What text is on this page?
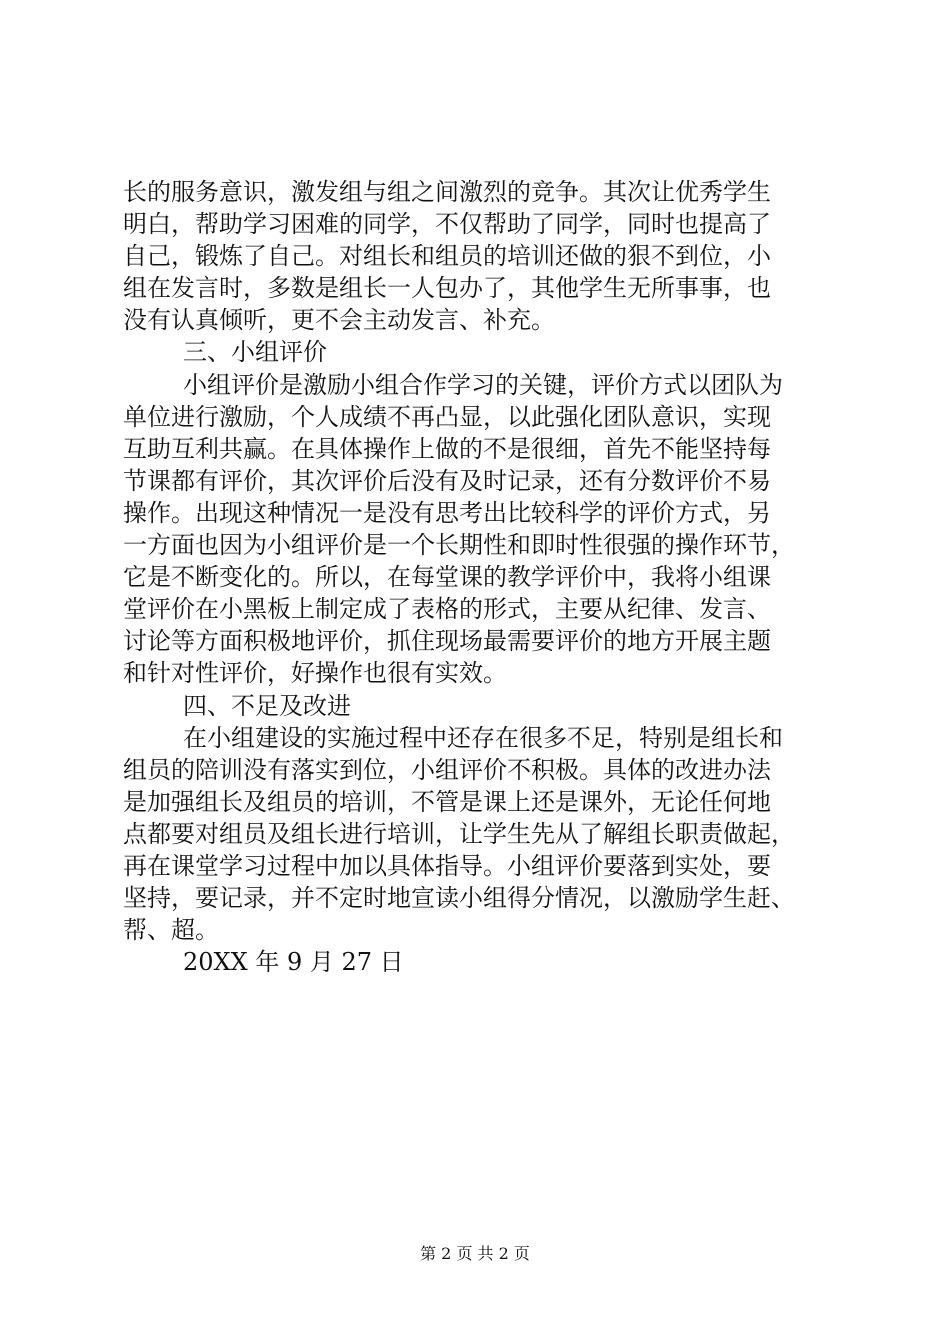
长的服务意识，激发组与组之间激烈的竞争。其次让优秀学生
明白，帮助学习困难的同学，不仅帮助了同学，同时也提高了
自己，锻炼了自己。对组长和组员的培训还做的狠不到位，小
组在发言时，多数是组长一人包办了，其他学生无所事事，也
没有认真倾听，更不会主动发言、补充。
三、小组评价
小组评价是激励小组合作学习的关键，评价方式以团队为
单位进行激励，个人成绩不再凸显，以此强化团队意识，实现
互助互利共赢。在具体操作上做的不是很细，首先不能坚持每
节课都有评价，其次评价后没有及时记录，还有分数评价不易
操作。出现这种情况一是没有思考出比较科学的评价方式，另
一方面也因为小组评价是一个长期性和即时性很强的操作环节，
它是不断变化的。所以，在每堂课的教学评价中，我将小组课
堂评价在小黑板上制定成了表格的形式，主要从纪律、发言、
讨论等方面积极地评价，抓住现场最需要评价的地方开展主题
和针对性评价，好操作也很有实效。
四、不足及改进
在小组建设的实施过程中还存在很多不足，特别是组长和
组员的陪训没有落实到位，小组评价不积极。具体的改进办法
是加强组长及组员的培训，不管是课上还是课外，无论任何地
点都要对组员及组长进行培训，让学生先从了解组长职责做起，
再在课堂学习过程中加以具体指导。小组评价要落到实处，要
坚持，要记录，并不定时地宣读小组得分情况，以激励学生赶、
帮、超。
20XX 年 9 月 27 日
第 2 页 共 2 页
